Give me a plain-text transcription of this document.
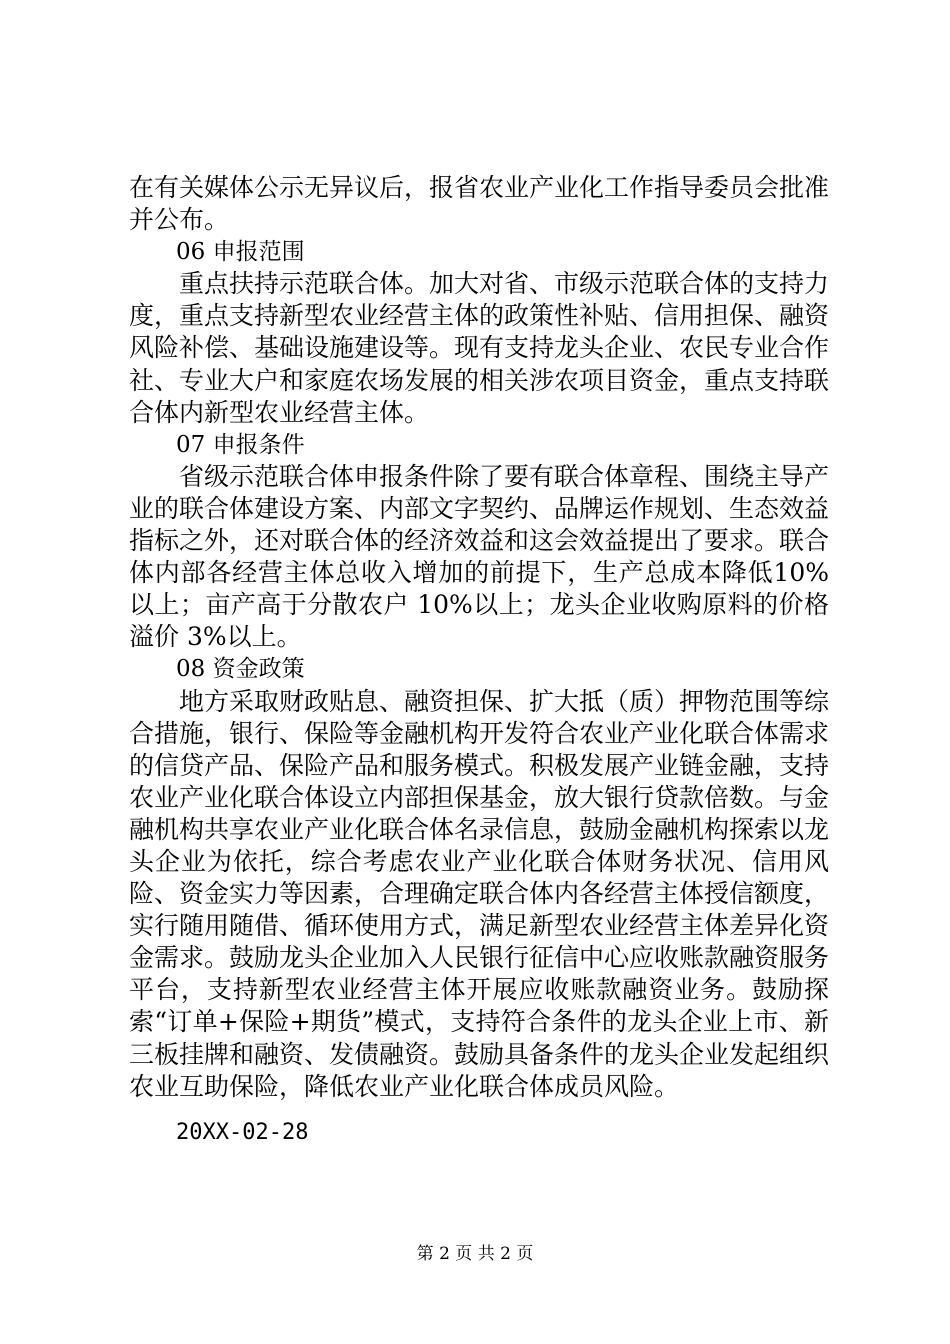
在有关媒体公示无异议后，报省农业产业化工作指导委员会批准并公布。

06 申报范围

重点扶持示范联合体。加大对省、市级示范联合体的支持力度，重点支持新型农业经营主体的政策性补贴、信用担保、融资风险补偿、基础设施建设等。现有支持龙头企业、农民专业合作社、专业大户和家庭农场发展的相关涉农项目资金，重点支持联合体内新型农业经营主体。

07 申报条件

省级示范联合体申报条件除了要有联合体章程、围绕主导产业的联合体建设方案、内部文字契约、品牌运作规划、生态效益指标之外，还对联合体的经济效益和这会效益提出了要求。联合体内部各经营主体总收入增加的前提下，生产总成本降低10%以上；亩产高于分散农户 10%以上；龙头企业收购原料的价格溢价 3%以上。

08 资金政策

地方采取财政贴息、融资担保、扩大抵（质）押物范围等综合措施，银行、保险等金融机构开发符合农业产业化联合体需求的信贷产品、保险产品和服务模式。积极发展产业链金融，支持农业产业化联合体设立内部担保基金，放大银行贷款倍数。与金融机构共享农业产业化联合体名录信息，鼓励金融机构探索以龙头企业为依托，综合考虑农业产业化联合体财务状况、信用风险、资金实力等因素，合理确定联合体内各经营主体授信额度，实行随用随借、循环使用方式，满足新型农业经营主体差异化资金需求。鼓励龙头企业加入人民银行征信中心应收账款融资服务平台，支持新型农业经营主体开展应收账款融资业务。鼓励探索“订单+保险+期货”模式，支持符合条件的龙头企业上市、新三板挂牌和融资、发债融资。鼓励具备条件的龙头企业发起组织农业互助保险，降低农业产业化联合体成员风险。

20XX-02-28

第 2 页 共 2 页
